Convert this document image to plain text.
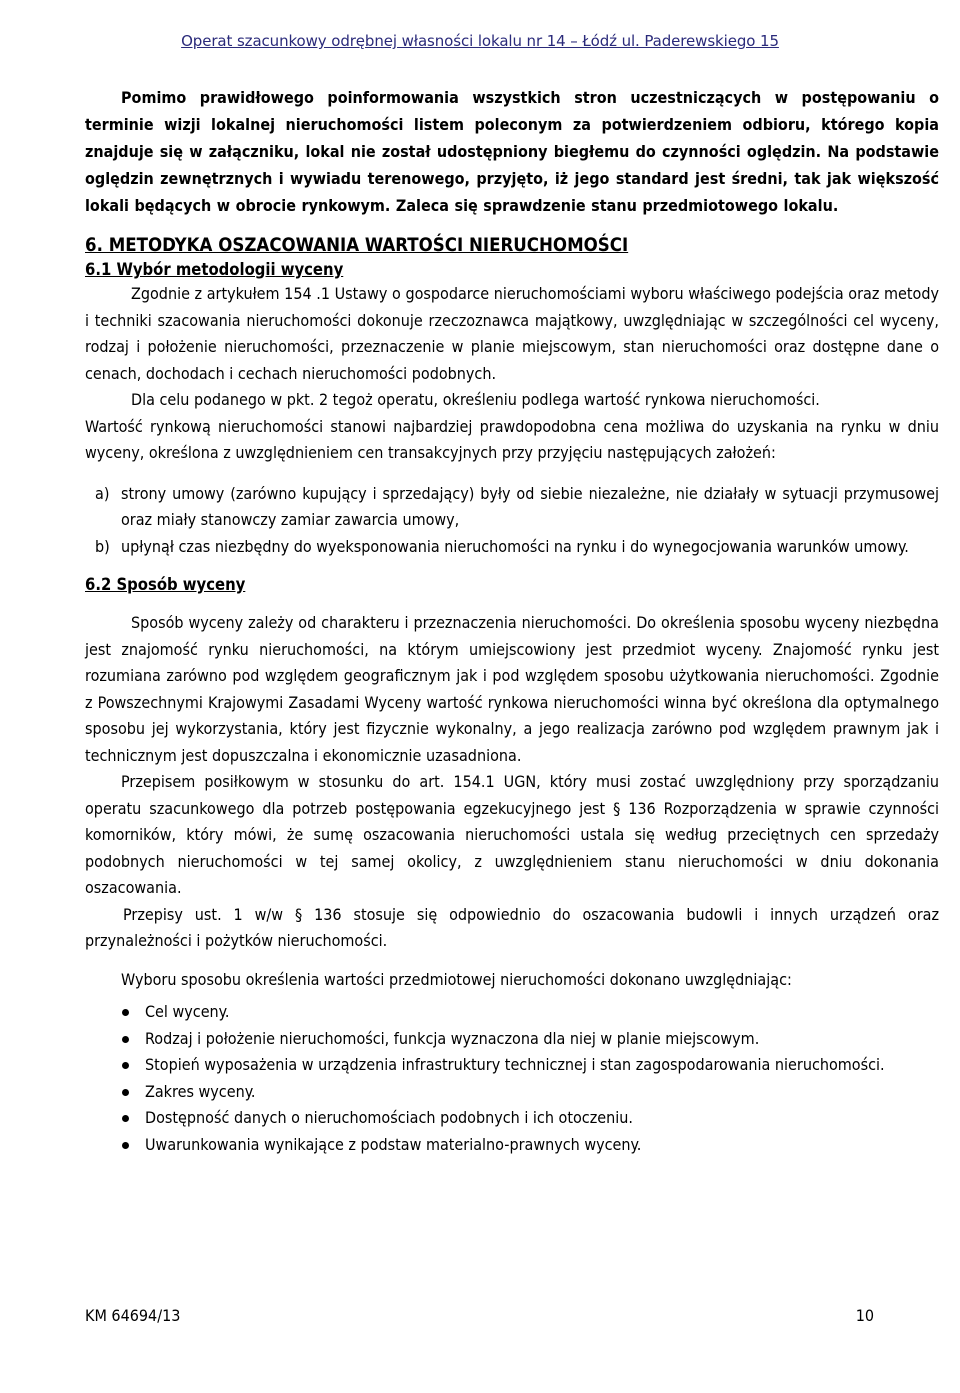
Operat szacunkowy odrębnej własności lokalu nr 14 – Łódź ul. Paderewskiego 15

Pomimo prawidłowego poinformowania wszystkich stron uczestniczących w postępowaniu o terminie wizji lokalnej nieruchomości listem poleconym za potwierdzeniem odbioru, którego kopia znajduje się w załączniku, lokal nie został udostępniony biegłemu do czynności oględzin. Na podstawie oględzin zewnętrznych i wywiadu terenowego, przyjęto, iż jego standard jest średni, tak jak większość lokali będących w obrocie rynkowym. Zaleca się sprawdzenie stanu przedmiotowego lokalu.

6. METODYKA OSZACOWANIA WARTOŚCI NIERUCHOMOŚCI
6.1 Wybór metodologii wyceny

Zgodnie z artykułem 154 .1 Ustawy o gospodarce nieruchomościami wyboru właściwego podejścia oraz metody i techniki szacowania nieruchomości dokonuje rzeczoznawca majątkowy, uwzględniając w szczególności cel wyceny, rodzaj i położenie nieruchomości, przeznaczenie w planie miejscowym, stan nieruchomości oraz dostępne dane o cenach, dochodach i cechach nieruchomości podobnych.

Dla celu podanego w pkt. 2 tegoż operatu, określeniu podlega wartość rynkowa nieruchomości.

Wartość rynkową nieruchomości stanowi najbardziej prawdopodobna cena możliwa do uzyskania na rynku w dniu wyceny, określona z uwzględnieniem cen transakcyjnych przy przyjęciu następujących założeń:

a) strony umowy (zarówno kupujący i sprzedający) były od siebie niezależne, nie działały w sytuacji przymusowej oraz miały stanowczy zamiar zawarcia umowy,
b) upłynął czas niezbędny do wyeksponowania nieruchomości na rynku i do wynegocjowania warunków umowy.
6.2 Sposób wyceny

Sposób wyceny zależy od charakteru i przeznaczenia nieruchomości. Do określenia sposobu wyceny niezbędna jest znajomość rynku nieruchomości, na którym umiejscowiony jest przedmiot wyceny. Znajomość rynku jest rozumiana zarówno pod względem geograficznym jak i pod względem sposobu użytkowania nieruchomości. Zgodnie z Powszechnymi Krajowymi Zasadami Wyceny wartość rynkowa nieruchomości winna być określona dla optymalnego sposobu jej wykorzystania, który jest fizycznie wykonalny, a jego realizacja zarówno pod względem prawnym jak i technicznym jest dopuszczalna i ekonomicznie uzasadniona.

Przepisem posiłkowym w stosunku do art. 154.1 UGN, który musi zostać uwzględniony przy sporządzaniu operatu szacunkowego dla potrzeb postępowania egzekucyjnego jest § 136 Rozporządzenia w sprawie czynności komorników, który mówi, że sumę oszacowania nieruchomości ustala się według przeciętnych cen sprzedaży podobnych nieruchomości w tej samej okolicy, z uwzględnieniem stanu nieruchomości w dniu dokonania oszacowania.

Przepisy ust. 1 w/w § 136 stosuje się odpowiednio do oszacowania budowli i innych urządzeń oraz przynależności i pożytków nieruchomości.

Wyboru sposobu określenia wartości przedmiotowej nieruchomości dokonano uwzględniając:

Cel wyceny.
Rodzaj i położenie nieruchomości, funkcja wyznaczona dla niej w planie miejscowym.
Stopień wyposażenia w urządzenia infrastruktury technicznej i stan zagospodarowania nieruchomości.
Zakres wyceny.
Dostępność danych o nieruchomościach podobnych i ich otoczeniu.
Uwarunkowania wynikające z podstaw materialno-prawnych wyceny.
KM 64694/13	10
